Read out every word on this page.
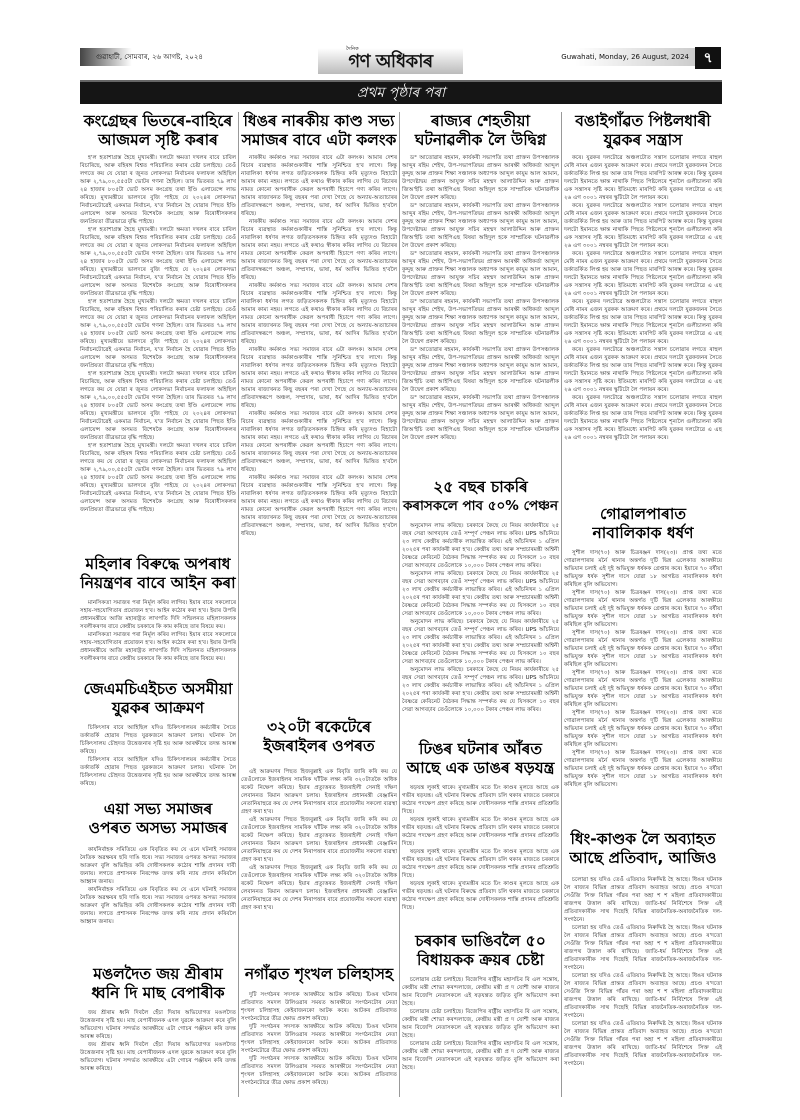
গুৱাহাটী, সোমবাৰ, ২৬ আগষ্ট, ২০২৪
দৈনিক
গণ অধিকাৰ	Guwahati, Monday, 26 August, 2024	৭
প্ৰথম পৃষ্ঠাৰ পৰা
কংগ্ৰেছৰ ভিতৰে-বাহিৰে
আজমল সৃষ্টি কৰাৰ

হ'ল হতাশাগ্ৰস্ত হৈছে মুখ্যমন্ত্ৰী। দলটো ক্ষমতা দখলৰ বাবে চাবিল বিচাৰিছে, আৰু বহিৰঙ্গ বিশ্বত পৰিচালিত কৰাৰ চেষ্টা চলাইছে। তেওঁ লগতে কয় যে যোৱা ৰ জুনত লোকসভা নিৰ্বাচনৰ ফলাফল অহিছিল আৰু ২,৭৯,০০,৫৫৫টা ভোটৰ গণনা হৈছিল। তাৰ ভিতৰত ৭৯ লাখ ২৪ হাজাৰ ৮০৫টা ভোট অসম কংগ্ৰেছ তথা ইণ্ডি এলায়েন্সে লাভ কৰিছে। মুখ্যমন্ত্ৰীয়ে ভালদৰে বুজি পাইছে যে ২০২৪ৰ লোকসভা নিৰ্বাচনটোৱেই একমাত্ৰ নিৰ্বাচন, য'ত নিৰ্বাচন হৈ যোৱাৰ পিছত ইণ্ডি এলায়েন্স আৰু অসমত বিশেষকৈ কংগ্ৰেছ আৰু বিৰোধীসকলৰ জনপ্ৰিয়তা তীব্ৰভাৱে বৃদ্ধি পাইছে।

হ'ল হতাশাগ্ৰস্ত হৈছে মুখ্যমন্ত্ৰী। দলটো ক্ষমতা দখলৰ বাবে চাবিল বিচাৰিছে, আৰু বহিৰঙ্গ বিশ্বত পৰিচালিত কৰাৰ চেষ্টা চলাইছে। তেওঁ লগতে কয় যে যোৱা ৰ জুনত লোকসভা নিৰ্বাচনৰ ফলাফল অহিছিল আৰু ২,৭৯,০০,৫৫৫টা ভোটৰ গণনা হৈছিল। তাৰ ভিতৰত ৭৯ লাখ ২৪ হাজাৰ ৮০৫টা ভোট অসম কংগ্ৰেছ তথা ইণ্ডি এলায়েন্সে লাভ কৰিছে। মুখ্যমন্ত্ৰীয়ে ভালদৰে বুজি পাইছে যে ২০২৪ৰ লোকসভা নিৰ্বাচনটোৱেই একমাত্ৰ নিৰ্বাচন, য'ত নিৰ্বাচন হৈ যোৱাৰ পিছত ইণ্ডি এলায়েন্স আৰু অসমত বিশেষকৈ কংগ্ৰেছ আৰু বিৰোধীসকলৰ জনপ্ৰিয়তা তীব্ৰভাৱে বৃদ্ধি পাইছে।

হ'ল হতাশাগ্ৰস্ত হৈছে মুখ্যমন্ত্ৰী। দলটো ক্ষমতা দখলৰ বাবে চাবিল বিচাৰিছে, আৰু বহিৰঙ্গ বিশ্বত পৰিচালিত কৰাৰ চেষ্টা চলাইছে। তেওঁ লগতে কয় যে যোৱা ৰ জুনত লোকসভা নিৰ্বাচনৰ ফলাফল অহিছিল আৰু ২,৭৯,০০,৫৫৫টা ভোটৰ গণনা হৈছিল। তাৰ ভিতৰত ৭৯ লাখ ২৪ হাজাৰ ৮০৫টা ভোট অসম কংগ্ৰেছ তথা ইণ্ডি এলায়েন্সে লাভ কৰিছে। মুখ্যমন্ত্ৰীয়ে ভালদৰে বুজি পাইছে যে ২০২৪ৰ লোকসভা নিৰ্বাচনটোৱেই একমাত্ৰ নিৰ্বাচন, য'ত নিৰ্বাচন হৈ যোৱাৰ পিছত ইণ্ডি এলায়েন্স আৰু অসমত বিশেষকৈ কংগ্ৰেছ আৰু বিৰোধীসকলৰ জনপ্ৰিয়তা তীব্ৰভাৱে বৃদ্ধি পাইছে।

হ'ল হতাশাগ্ৰস্ত হৈছে মুখ্যমন্ত্ৰী। দলটো ক্ষমতা দখলৰ বাবে চাবিল বিচাৰিছে, আৰু বহিৰঙ্গ বিশ্বত পৰিচালিত কৰাৰ চেষ্টা চলাইছে। তেওঁ লগতে কয় যে যোৱা ৰ জুনত লোকসভা নিৰ্বাচনৰ ফলাফল অহিছিল আৰু ২,৭৯,০০,৫৫৫টা ভোটৰ গণনা হৈছিল। তাৰ ভিতৰত ৭৯ লাখ ২৪ হাজাৰ ৮০৫টা ভোট অসম কংগ্ৰেছ তথা ইণ্ডি এলায়েন্সে লাভ কৰিছে। মুখ্যমন্ত্ৰীয়ে ভালদৰে বুজি পাইছে যে ২০২৪ৰ লোকসভা নিৰ্বাচনটোৱেই একমাত্ৰ নিৰ্বাচন, য'ত নিৰ্বাচন হৈ যোৱাৰ পিছত ইণ্ডি এলায়েন্স আৰু অসমত বিশেষকৈ কংগ্ৰেছ আৰু বিৰোধীসকলৰ জনপ্ৰিয়তা তীব্ৰভাৱে বৃদ্ধি পাইছে।

হ'ল হতাশাগ্ৰস্ত হৈছে মুখ্যমন্ত্ৰী। দলটো ক্ষমতা দখলৰ বাবে চাবিল বিচাৰিছে, আৰু বহিৰঙ্গ বিশ্বত পৰিচালিত কৰাৰ চেষ্টা চলাইছে। তেওঁ লগতে কয় যে যোৱা ৰ জুনত লোকসভা নিৰ্বাচনৰ ফলাফল অহিছিল আৰু ২,৭৯,০০,৫৫৫টা ভোটৰ গণনা হৈছিল। তাৰ ভিতৰত ৭৯ লাখ ২৪ হাজাৰ ৮০৫টা ভোট অসম কংগ্ৰেছ তথা ইণ্ডি এলায়েন্সে লাভ কৰিছে। মুখ্যমন্ত্ৰীয়ে ভালদৰে বুজি পাইছে যে ২০২৪ৰ লোকসভা নিৰ্বাচনটোৱেই একমাত্ৰ নিৰ্বাচন, য'ত নিৰ্বাচন হৈ যোৱাৰ পিছত ইণ্ডি এলায়েন্স আৰু অসমত বিশেষকৈ কংগ্ৰেছ আৰু বিৰোধীসকলৰ জনপ্ৰিয়তা তীব্ৰভাৱে বৃদ্ধি পাইছে।

ধিঙৰ নাৰকীয় কাণ্ড সভ্য
সমাজৰ বাবে এটা কলংক

নাৰকীয় কৰ্মকাণ্ড সভ্য সমাজৰ বাবে এটা কলংক। আমাৰ দেশৰ বিচাৰ ব্যৱস্থাত কৰ্মকাণ্ডকাৰীৰ শাস্তি সুনিশ্চিত হ'ব লাগে। কিন্তু নাবালিকা ধৰ্ষণৰ লগত জড়িতসকলক চিহ্নিত কৰি মৃত্যুদণ্ড বিহাটো আমাৰ কাম্য নহয়। লগতে এই কথাও স্বীকাৰ কৰিব লাগিব যে বিচাৰৰ নামত কোনো অপৰাধীক কেৱল অপৰাধী হিচাপে গণ্য কৰিব লাগে। আমাৰ ৰাজ্যখনত কিছু বছৰৰ পৰা দেখা গৈছে যে অন্যায়-অত্যাচাৰৰ প্ৰতিবাদস্বৰূপে অঞ্চল, সম্প্ৰদায়, ভাষা, ধৰ্ম আদিৰ ভিত্তিত হ'বলৈ ধৰিছে।

নাৰকীয় কৰ্মকাণ্ড সভ্য সমাজৰ বাবে এটা কলংক। আমাৰ দেশৰ বিচাৰ ব্যৱস্থাত কৰ্মকাণ্ডকাৰীৰ শাস্তি সুনিশ্চিত হ'ব লাগে। কিন্তু নাবালিকা ধৰ্ষণৰ লগত জড়িতসকলক চিহ্নিত কৰি মৃত্যুদণ্ড বিহাটো আমাৰ কাম্য নহয়। লগতে এই কথাও স্বীকাৰ কৰিব লাগিব যে বিচাৰৰ নামত কোনো অপৰাধীক কেৱল অপৰাধী হিচাপে গণ্য কৰিব লাগে। আমাৰ ৰাজ্যখনত কিছু বছৰৰ পৰা দেখা গৈছে যে অন্যায়-অত্যাচাৰৰ প্ৰতিবাদস্বৰূপে অঞ্চল, সম্প্ৰদায়, ভাষা, ধৰ্ম আদিৰ ভিত্তিত হ'বলৈ ধৰিছে।

নাৰকীয় কৰ্মকাণ্ড সভ্য সমাজৰ বাবে এটা কলংক। আমাৰ দেশৰ বিচাৰ ব্যৱস্থাত কৰ্মকাণ্ডকাৰীৰ শাস্তি সুনিশ্চিত হ'ব লাগে। কিন্তু নাবালিকা ধৰ্ষণৰ লগত জড়িতসকলক চিহ্নিত কৰি মৃত্যুদণ্ড বিহাটো আমাৰ কাম্য নহয়। লগতে এই কথাও স্বীকাৰ কৰিব লাগিব যে বিচাৰৰ নামত কোনো অপৰাধীক কেৱল অপৰাধী হিচাপে গণ্য কৰিব লাগে। আমাৰ ৰাজ্যখনত কিছু বছৰৰ পৰা দেখা গৈছে যে অন্যায়-অত্যাচাৰৰ প্ৰতিবাদস্বৰূপে অঞ্চল, সম্প্ৰদায়, ভাষা, ধৰ্ম আদিৰ ভিত্তিত হ'বলৈ ধৰিছে।

নাৰকীয় কৰ্মকাণ্ড সভ্য সমাজৰ বাবে এটা কলংক। আমাৰ দেশৰ বিচাৰ ব্যৱস্থাত কৰ্মকাণ্ডকাৰীৰ শাস্তি সুনিশ্চিত হ'ব লাগে। কিন্তু নাবালিকা ধৰ্ষণৰ লগত জড়িতসকলক চিহ্নিত কৰি মৃত্যুদণ্ড বিহাটো আমাৰ কাম্য নহয়। লগতে এই কথাও স্বীকাৰ কৰিব লাগিব যে বিচাৰৰ নামত কোনো অপৰাধীক কেৱল অপৰাধী হিচাপে গণ্য কৰিব লাগে। আমাৰ ৰাজ্যখনত কিছু বছৰৰ পৰা দেখা গৈছে যে অন্যায়-অত্যাচাৰৰ প্ৰতিবাদস্বৰূপে অঞ্চল, সম্প্ৰদায়, ভাষা, ধৰ্ম আদিৰ ভিত্তিত হ'বলৈ ধৰিছে।

নাৰকীয় কৰ্মকাণ্ড সভ্য সমাজৰ বাবে এটা কলংক। আমাৰ দেশৰ বিচাৰ ব্যৱস্থাত কৰ্মকাণ্ডকাৰীৰ শাস্তি সুনিশ্চিত হ'ব লাগে। কিন্তু নাবালিকা ধৰ্ষণৰ লগত জড়িতসকলক চিহ্নিত কৰি মৃত্যুদণ্ড বিহাটো আমাৰ কাম্য নহয়। লগতে এই কথাও স্বীকাৰ কৰিব লাগিব যে বিচাৰৰ নামত কোনো অপৰাধীক কেৱল অপৰাধী হিচাপে গণ্য কৰিব লাগে। আমাৰ ৰাজ্যখনত কিছু বছৰৰ পৰা দেখা গৈছে যে অন্যায়-অত্যাচাৰৰ প্ৰতিবাদস্বৰূপে অঞ্চল, সম্প্ৰদায়, ভাষা, ধৰ্ম আদিৰ ভিত্তিত হ'বলৈ ধৰিছে।

নাৰকীয় কৰ্মকাণ্ড সভ্য সমাজৰ বাবে এটা কলংক। আমাৰ দেশৰ বিচাৰ ব্যৱস্থাত কৰ্মকাণ্ডকাৰীৰ শাস্তি সুনিশ্চিত হ'ব লাগে। কিন্তু নাবালিকা ধৰ্ষণৰ লগত জড়িতসকলক চিহ্নিত কৰি মৃত্যুদণ্ড বিহাটো আমাৰ কাম্য নহয়। লগতে এই কথাও স্বীকাৰ কৰিব লাগিব যে বিচাৰৰ নামত কোনো অপৰাধীক কেৱল অপৰাধী হিচাপে গণ্য কৰিব লাগে। আমাৰ ৰাজ্যখনত কিছু বছৰৰ পৰা দেখা গৈছে যে অন্যায়-অত্যাচাৰৰ প্ৰতিবাদস্বৰূপে অঞ্চল, সম্প্ৰদায়, ভাষা, ধৰ্ম আদিৰ ভিত্তিত হ'বলৈ ধৰিছে।

ৰাজ্যৰ শেহতীয়া
ঘটনাৱলীক লৈ উদ্বিগ্ন

ড° আতোৱাৰ ৰহমান, কাৰ্যকৰী সভাপতি তথা প্ৰাক্তন উপসঞ্চালক আব্দুৰ ৰহিম শেইখ, উপ-সভাপতিদ্বয় প্ৰাক্তন আৰক্ষী অধিকৰ্তা আব্দুল কুদ্দুছ আৰু প্ৰাক্তন শিক্ষা সঞ্চালক অধ্যাপক আব্দুল কায়ুম আল আমান, উপদেষ্টাদ্বয় প্ৰাক্তন আযুক্ত সচিব মহম্মদ আলাউদ্দিন আৰু প্ৰাক্তন জিঅ'ইচি তথা আইপিএছ বিষয়া অহিদুল হকে সাম্প্ৰতিক ঘটনাৱলীক লৈ উদ্বেগ প্ৰকাশ কৰিছে।

ড° আতোৱাৰ ৰহমান, কাৰ্যকৰী সভাপতি তথা প্ৰাক্তন উপসঞ্চালক আব্দুৰ ৰহিম শেইখ, উপ-সভাপতিদ্বয় প্ৰাক্তন আৰক্ষী অধিকৰ্তা আব্দুল কুদ্দুছ আৰু প্ৰাক্তন শিক্ষা সঞ্চালক অধ্যাপক আব্দুল কায়ুম আল আমান, উপদেষ্টাদ্বয় প্ৰাক্তন আযুক্ত সচিব মহম্মদ আলাউদ্দিন আৰু প্ৰাক্তন জিঅ'ইচি তথা আইপিএছ বিষয়া অহিদুল হকে সাম্প্ৰতিক ঘটনাৱলীক লৈ উদ্বেগ প্ৰকাশ কৰিছে।

ড° আতোৱাৰ ৰহমান, কাৰ্যকৰী সভাপতি তথা প্ৰাক্তন উপসঞ্চালক আব্দুৰ ৰহিম শেইখ, উপ-সভাপতিদ্বয় প্ৰাক্তন আৰক্ষী অধিকৰ্তা আব্দুল কুদ্দুছ আৰু প্ৰাক্তন শিক্ষা সঞ্চালক অধ্যাপক আব্দুল কায়ুম আল আমান, উপদেষ্টাদ্বয় প্ৰাক্তন আযুক্ত সচিব মহম্মদ আলাউদ্দিন আৰু প্ৰাক্তন জিঅ'ইচি তথা আইপিএছ বিষয়া অহিদুল হকে সাম্প্ৰতিক ঘটনাৱলীক লৈ উদ্বেগ প্ৰকাশ কৰিছে।

ড° আতোৱাৰ ৰহমান, কাৰ্যকৰী সভাপতি তথা প্ৰাক্তন উপসঞ্চালক আব্দুৰ ৰহিম শেইখ, উপ-সভাপতিদ্বয় প্ৰাক্তন আৰক্ষী অধিকৰ্তা আব্দুল কুদ্দুছ আৰু প্ৰাক্তন শিক্ষা সঞ্চালক অধ্যাপক আব্দুল কায়ুম আল আমান, উপদেষ্টাদ্বয় প্ৰাক্তন আযুক্ত সচিব মহম্মদ আলাউদ্দিন আৰু প্ৰাক্তন জিঅ'ইচি তথা আইপিএছ বিষয়া অহিদুল হকে সাম্প্ৰতিক ঘটনাৱলীক লৈ উদ্বেগ প্ৰকাশ কৰিছে।

ড° আতোৱাৰ ৰহমান, কাৰ্যকৰী সভাপতি তথা প্ৰাক্তন উপসঞ্চালক আব্দুৰ ৰহিম শেইখ, উপ-সভাপতিদ্বয় প্ৰাক্তন আৰক্ষী অধিকৰ্তা আব্দুল কুদ্দুছ আৰু প্ৰাক্তন শিক্ষা সঞ্চালক অধ্যাপক আব্দুল কায়ুম আল আমান, উপদেষ্টাদ্বয় প্ৰাক্তন আযুক্ত সচিব মহম্মদ আলাউদ্দিন আৰু প্ৰাক্তন জিঅ'ইচি তথা আইপিএছ বিষয়া অহিদুল হকে সাম্প্ৰতিক ঘটনাৱলীক লৈ উদ্বেগ প্ৰকাশ কৰিছে।

ড° আতোৱাৰ ৰহমান, কাৰ্যকৰী সভাপতি তথা প্ৰাক্তন উপসঞ্চালক আব্দুৰ ৰহিম শেইখ, উপ-সভাপতিদ্বয় প্ৰাক্তন আৰক্ষী অধিকৰ্তা আব্দুল কুদ্দুছ আৰু প্ৰাক্তন শিক্ষা সঞ্চালক অধ্যাপক আব্দুল কায়ুম আল আমান, উপদেষ্টাদ্বয় প্ৰাক্তন আযুক্ত সচিব মহম্মদ আলাউদ্দিন আৰু প্ৰাক্তন জিঅ'ইচি তথা আইপিএছ বিষয়া অহিদুল হকে সাম্প্ৰতিক ঘটনাৱলীক লৈ উদ্বেগ প্ৰকাশ কৰিছে।

বঙাইগাঁৱত পিষ্টলধাৰী
যুৱকৰ সন্ত্ৰাস

কৰে। যুৱকৰ দলটোৱে অঞ্চলটোত সন্ত্ৰাস চলোৱাৰ লগতে ৰাহুল মেধি নামৰ এজন যুৱকক আক্ৰমণ কৰে। প্ৰথমে দলটো যুৱকজনৰ সৈতে তৰ্কাতৰ্কিত লিপ্ত হয় আৰু তাৰ পিছত মাৰপিট আৰম্ভ কৰে। কিন্তু যুৱকৰ দলটো ইমানতে ক্ষান্ত নাথাকি পিছত পিষ্টলেৰে শূন্যলৈ গুলীচালনা কৰি এক সন্ত্ৰাসৰ সৃষ্টি কৰে। ইতিমধ্যে মাৰপিট কৰি যুৱকৰ দলটোৱে এ এছ ২৬ এগ ৩০০১ নম্বৰৰ স্কুটিটো লৈ পলায়ন কৰে।

কৰে। যুৱকৰ দলটোৱে অঞ্চলটোত সন্ত্ৰাস চলোৱাৰ লগতে ৰাহুল মেধি নামৰ এজন যুৱকক আক্ৰমণ কৰে। প্ৰথমে দলটো যুৱকজনৰ সৈতে তৰ্কাতৰ্কিত লিপ্ত হয় আৰু তাৰ পিছত মাৰপিট আৰম্ভ কৰে। কিন্তু যুৱকৰ দলটো ইমানতে ক্ষান্ত নাথাকি পিছত পিষ্টলেৰে শূন্যলৈ গুলীচালনা কৰি এক সন্ত্ৰাসৰ সৃষ্টি কৰে। ইতিমধ্যে মাৰপিট কৰি যুৱকৰ দলটোৱে এ এছ ২৬ এগ ৩০০১ নম্বৰৰ স্কুটিটো লৈ পলায়ন কৰে।

কৰে। যুৱকৰ দলটোৱে অঞ্চলটোত সন্ত্ৰাস চলোৱাৰ লগতে ৰাহুল মেধি নামৰ এজন যুৱকক আক্ৰমণ কৰে। প্ৰথমে দলটো যুৱকজনৰ সৈতে তৰ্কাতৰ্কিত লিপ্ত হয় আৰু তাৰ পিছত মাৰপিট আৰম্ভ কৰে। কিন্তু যুৱকৰ দলটো ইমানতে ক্ষান্ত নাথাকি পিছত পিষ্টলেৰে শূন্যলৈ গুলীচালনা কৰি এক সন্ত্ৰাসৰ সৃষ্টি কৰে। ইতিমধ্যে মাৰপিট কৰি যুৱকৰ দলটোৱে এ এছ ২৬ এগ ৩০০১ নম্বৰৰ স্কুটিটো লৈ পলায়ন কৰে।

কৰে। যুৱকৰ দলটোৱে অঞ্চলটোত সন্ত্ৰাস চলোৱাৰ লগতে ৰাহুল মেধি নামৰ এজন যুৱকক আক্ৰমণ কৰে। প্ৰথমে দলটো যুৱকজনৰ সৈতে তৰ্কাতৰ্কিত লিপ্ত হয় আৰু তাৰ পিছত মাৰপিট আৰম্ভ কৰে। কিন্তু যুৱকৰ দলটো ইমানতে ক্ষান্ত নাথাকি পিছত পিষ্টলেৰে শূন্যলৈ গুলীচালনা কৰি এক সন্ত্ৰাসৰ সৃষ্টি কৰে। ইতিমধ্যে মাৰপিট কৰি যুৱকৰ দলটোৱে এ এছ ২৬ এগ ৩০০১ নম্বৰৰ স্কুটিটো লৈ পলায়ন কৰে।

কৰে। যুৱকৰ দলটোৱে অঞ্চলটোত সন্ত্ৰাস চলোৱাৰ লগতে ৰাহুল মেধি নামৰ এজন যুৱকক আক্ৰমণ কৰে। প্ৰথমে দলটো যুৱকজনৰ সৈতে তৰ্কাতৰ্কিত লিপ্ত হয় আৰু তাৰ পিছত মাৰপিট আৰম্ভ কৰে। কিন্তু যুৱকৰ দলটো ইমানতে ক্ষান্ত নাথাকি পিছত পিষ্টলেৰে শূন্যলৈ গুলীচালনা কৰি এক সন্ত্ৰাসৰ সৃষ্টি কৰে। ইতিমধ্যে মাৰপিট কৰি যুৱকৰ দলটোৱে এ এছ ২৬ এগ ৩০০১ নম্বৰৰ স্কুটিটো লৈ পলায়ন কৰে।

কৰে। যুৱকৰ দলটোৱে অঞ্চলটোত সন্ত্ৰাস চলোৱাৰ লগতে ৰাহুল মেধি নামৰ এজন যুৱকক আক্ৰমণ কৰে। প্ৰথমে দলটো যুৱকজনৰ সৈতে তৰ্কাতৰ্কিত লিপ্ত হয় আৰু তাৰ পিছত মাৰপিট আৰম্ভ কৰে। কিন্তু যুৱকৰ দলটো ইমানতে ক্ষান্ত নাথাকি পিছত পিষ্টলেৰে শূন্যলৈ গুলীচালনা কৰি এক সন্ত্ৰাসৰ সৃষ্টি কৰে। ইতিমধ্যে মাৰপিট কৰি যুৱকৰ দলটোৱে এ এছ ২৬ এগ ৩০০১ নম্বৰৰ স্কুটিটো লৈ পলায়ন কৰে।

২৫ বছৰ চাকৰি
কৰাসকলে পাব ৫০% পেঞ্চন

অনুমোদন লাভ কৰিছে। চৰকাৰে কৈছে যে নিয়ম কাৰ্যকাৰীয়ে ২৫ বছৰ সেৱা আগবঢ়াৰ তেওঁ সম্পূৰ্ণ পেঞ্চন লাভ কৰিব। UPS আঁচনিয়ে ২৩ লাখ কেন্দ্ৰীয় কৰ্মচাৰীক লাভান্বিত কৰিব। এই আঁচনিখন ১ এপ্ৰিল ২০২৫ৰ পৰা কাৰ্যকৰী কৰা হ'ব। কেন্দ্ৰীয় তথ্য আৰু সম্প্ৰচাৰমন্ত্ৰী অশ্বিনী বৈষ্ণৱে কেবিনেট বৈঠকৰ সিদ্ধান্ত সম্পৰ্কত কয় যে যিসকলে ১০ বছৰ সেৱা আগবঢ়াব তেওঁলোকে ১০,০০০ টকাৰ পেঞ্চন লাভ কৰিব।

অনুমোদন লাভ কৰিছে। চৰকাৰে কৈছে যে নিয়ম কাৰ্যকাৰীয়ে ২৫ বছৰ সেৱা আগবঢ়াৰ তেওঁ সম্পূৰ্ণ পেঞ্চন লাভ কৰিব। UPS আঁচনিয়ে ২৩ লাখ কেন্দ্ৰীয় কৰ্মচাৰীক লাভান্বিত কৰিব। এই আঁচনিখন ১ এপ্ৰিল ২০২৫ৰ পৰা কাৰ্যকৰী কৰা হ'ব। কেন্দ্ৰীয় তথ্য আৰু সম্প্ৰচাৰমন্ত্ৰী অশ্বিনী বৈষ্ণৱে কেবিনেট বৈঠকৰ সিদ্ধান্ত সম্পৰ্কত কয় যে যিসকলে ১০ বছৰ সেৱা আগবঢ়াব তেওঁলোকে ১০,০০০ টকাৰ পেঞ্চন লাভ কৰিব।

অনুমোদন লাভ কৰিছে। চৰকাৰে কৈছে যে নিয়ম কাৰ্যকাৰীয়ে ২৫ বছৰ সেৱা আগবঢ়াৰ তেওঁ সম্পূৰ্ণ পেঞ্চন লাভ কৰিব। UPS আঁচনিয়ে ২৩ লাখ কেন্দ্ৰীয় কৰ্মচাৰীক লাভান্বিত কৰিব। এই আঁচনিখন ১ এপ্ৰিল ২০২৫ৰ পৰা কাৰ্যকৰী কৰা হ'ব। কেন্দ্ৰীয় তথ্য আৰু সম্প্ৰচাৰমন্ত্ৰী অশ্বিনী বৈষ্ণৱে কেবিনেট বৈঠকৰ সিদ্ধান্ত সম্পৰ্কত কয় যে যিসকলে ১০ বছৰ সেৱা আগবঢ়াব তেওঁলোকে ১০,০০০ টকাৰ পেঞ্চন লাভ কৰিব।

অনুমোদন লাভ কৰিছে। চৰকাৰে কৈছে যে নিয়ম কাৰ্যকাৰীয়ে ২৫ বছৰ সেৱা আগবঢ়াৰ তেওঁ সম্পূৰ্ণ পেঞ্চন লাভ কৰিব। UPS আঁচনিয়ে ২৩ লাখ কেন্দ্ৰীয় কৰ্মচাৰীক লাভান্বিত কৰিব। এই আঁচনিখন ১ এপ্ৰিল ২০২৫ৰ পৰা কাৰ্যকৰী কৰা হ'ব। কেন্দ্ৰীয় তথ্য আৰু সম্প্ৰচাৰমন্ত্ৰী অশ্বিনী বৈষ্ণৱে কেবিনেট বৈঠকৰ সিদ্ধান্ত সম্পৰ্কত কয় যে যিসকলে ১০ বছৰ সেৱা আগবঢ়াব তেওঁলোকে ১০,০০০ টকাৰ পেঞ্চন লাভ কৰিব।

গোৱালপাৰাত
নাবালিকাক ধৰ্ষণ

সুশীল দাস(৭০) আৰু চিত্ৰৰঞ্জন দাস(২৩)। প্ৰাপ্ত তথ্য মতে গোৱালপাৰাৰ মৰ্নৈ থানাৰ অন্তৰ্গত দুটি ভিন্ন এলেকাত আৰক্ষীয়ে অভিযান চলাই এই দুই অভিযুক্ত ধৰ্ষকক গ্ৰেপ্তাৰ কৰে। ইয়াৰে ৭০ বৰ্ষীয়া অভিযুক্ত ধৰ্ষক সুশীল দাসে যোৱা ১৮ আগষ্টত নাবালিকাক ধৰ্ষণ কৰিছিল বুলি অভিযোগ।

সুশীল দাস(৭০) আৰু চিত্ৰৰঞ্জন দাস(২৩)। প্ৰাপ্ত তথ্য মতে গোৱালপাৰাৰ মৰ্নৈ থানাৰ অন্তৰ্গত দুটি ভিন্ন এলেকাত আৰক্ষীয়ে অভিযান চলাই এই দুই অভিযুক্ত ধৰ্ষকক গ্ৰেপ্তাৰ কৰে। ইয়াৰে ৭০ বৰ্ষীয়া অভিযুক্ত ধৰ্ষক সুশীল দাসে যোৱা ১৮ আগষ্টত নাবালিকাক ধৰ্ষণ কৰিছিল বুলি অভিযোগ।

সুশীল দাস(৭০) আৰু চিত্ৰৰঞ্জন দাস(২৩)। প্ৰাপ্ত তথ্য মতে গোৱালপাৰাৰ মৰ্নৈ থানাৰ অন্তৰ্গত দুটি ভিন্ন এলেকাত আৰক্ষীয়ে অভিযান চলাই এই দুই অভিযুক্ত ধৰ্ষকক গ্ৰেপ্তাৰ কৰে। ইয়াৰে ৭০ বৰ্ষীয়া অভিযুক্ত ধৰ্ষক সুশীল দাসে যোৱা ১৮ আগষ্টত নাবালিকাক ধৰ্ষণ কৰিছিল বুলি অভিযোগ।

সুশীল দাস(৭০) আৰু চিত্ৰৰঞ্জন দাস(২৩)। প্ৰাপ্ত তথ্য মতে গোৱালপাৰাৰ মৰ্নৈ থানাৰ অন্তৰ্গত দুটি ভিন্ন এলেকাত আৰক্ষীয়ে অভিযান চলাই এই দুই অভিযুক্ত ধৰ্ষকক গ্ৰেপ্তাৰ কৰে। ইয়াৰে ৭০ বৰ্ষীয়া অভিযুক্ত ধৰ্ষক সুশীল দাসে যোৱা ১৮ আগষ্টত নাবালিকাক ধৰ্ষণ কৰিছিল বুলি অভিযোগ।

সুশীল দাস(৭০) আৰু চিত্ৰৰঞ্জন দাস(২৩)। প্ৰাপ্ত তথ্য মতে গোৱালপাৰাৰ মৰ্নৈ থানাৰ অন্তৰ্গত দুটি ভিন্ন এলেকাত আৰক্ষীয়ে অভিযান চলাই এই দুই অভিযুক্ত ধৰ্ষকক গ্ৰেপ্তাৰ কৰে। ইয়াৰে ৭০ বৰ্ষীয়া অভিযুক্ত ধৰ্ষক সুশীল দাসে যোৱা ১৮ আগষ্টত নাবালিকাক ধৰ্ষণ কৰিছিল বুলি অভিযোগ।

সুশীল দাস(৭০) আৰু চিত্ৰৰঞ্জন দাস(২৩)। প্ৰাপ্ত তথ্য মতে গোৱালপাৰাৰ মৰ্নৈ থানাৰ অন্তৰ্গত দুটি ভিন্ন এলেকাত আৰক্ষীয়ে অভিযান চলাই এই দুই অভিযুক্ত ধৰ্ষকক গ্ৰেপ্তাৰ কৰে। ইয়াৰে ৭০ বৰ্ষীয়া অভিযুক্ত ধৰ্ষক সুশীল দাসে যোৱা ১৮ আগষ্টত নাবালিকাক ধৰ্ষণ কৰিছিল বুলি অভিযোগ।

মহিলাৰ বিৰুদ্ধে অপৰাধ
নিয়ন্ত্ৰণৰ বাবে আইন কৰা

মানসিকতা সমাজৰ পৰা নিৰ্মূল কৰিব লাগিব। ইয়াৰ বাবে সকলোৰে সহায়-সহযোগিতাৰ প্ৰয়োজন হ'ব। আইন কঠোৰ কৰা হ'ব। ইয়াৰ উপৰি প্ৰধানমন্ত্ৰীয়ে আজি মহাৰাষ্ট্ৰত লাখপতি দিদি সন্মিলনত মহিলাসকলক সবলীকৰণৰ বাবে কেন্দ্ৰীয় চৰকাৰে কি কাম কৰিছে তাৰ বিষয়ে কয়।

মানসিকতা সমাজৰ পৰা নিৰ্মূল কৰিব লাগিব। ইয়াৰ বাবে সকলোৰে সহায়-সহযোগিতাৰ প্ৰয়োজন হ'ব। আইন কঠোৰ কৰা হ'ব। ইয়াৰ উপৰি প্ৰধানমন্ত্ৰীয়ে আজি মহাৰাষ্ট্ৰত লাখপতি দিদি সন্মিলনত মহিলাসকলক সবলীকৰণৰ বাবে কেন্দ্ৰীয় চৰকাৰে কি কাম কৰিছে তাৰ বিষয়ে কয়।

জেএমচিএইচত অসমীয়া
যুৱকৰ আক্ৰমণ

চিকিৎসাৰ বাবে আহিছিল যদিও চিকিৎসালয়ৰ কৰ্মচাৰীৰ সৈতে তৰ্কাতৰ্কি হোৱাৰ পিছত যুৱকজনে আক্ৰমণ চলায়। ঘটনাক লৈ চিকিৎসালয় চৌহদত উত্তেজনাৰ সৃষ্টি হয় আৰু আৰক্ষীয়ে তদন্ত আৰম্ভ কৰিছে।

চিকিৎসাৰ বাবে আহিছিল যদিও চিকিৎসালয়ৰ কৰ্মচাৰীৰ সৈতে তৰ্কাতৰ্কি হোৱাৰ পিছত যুৱকজনে আক্ৰমণ চলায়। ঘটনাক লৈ চিকিৎসালয় চৌহদত উত্তেজনাৰ সৃষ্টি হয় আৰু আৰক্ষীয়ে তদন্ত আৰম্ভ কৰিছে।

এয়া সভ্য সমাজৰ
ওপৰত অসভ্য সমাজৰ

কাৰ্যনিৰ্বাহক সমিতিয়ে এক বিবৃতিত কয় যে এনে ঘটনাই সমাজৰ নৈতিক অৱক্ষয়ৰ ছবি দাঙি ধৰে। সভ্য সমাজৰ ওপৰত অসভ্য সমাজৰ আক্ৰমণ বুলি অভিহিত কৰি দোষীসকলক কঠোৰ শাস্তি প্ৰদানৰ দাবী জনায়। লগতে প্ৰশাসনক নিৰপেক্ষ তদন্ত কৰি ন্যায় প্ৰদান কৰিবলৈ আহ্বান জনায়।

কাৰ্যনিৰ্বাহক সমিতিয়ে এক বিবৃতিত কয় যে এনে ঘটনাই সমাজৰ নৈতিক অৱক্ষয়ৰ ছবি দাঙি ধৰে। সভ্য সমাজৰ ওপৰত অসভ্য সমাজৰ আক্ৰমণ বুলি অভিহিত কৰি দোষীসকলক কঠোৰ শাস্তি প্ৰদানৰ দাবী জনায়। লগতে প্ৰশাসনক নিৰপেক্ষ তদন্ত কৰি ন্যায় প্ৰদান কৰিবলৈ আহ্বান জনায়।

৩২০টা ৰকেটেৰে
ইজৰাইলৰ ওপৰত

এই আক্ৰমণৰ পিছত হিজবুল্লাই এক বিবৃতি জাৰি কৰি কয় যে তেওঁলোকে ইজৰাইলৰ সামৰিক ঘাঁটিক লক্ষ্য কৰি ৩২০টাতকৈ অধিক ৰকেট নিক্ষেপ কৰিছে। ইয়াৰ প্ৰত্যুত্তৰত ইজৰাইলী সেনাই দক্ষিণ লেবাননত বিমান আক্ৰমণ চলায়। ইজৰাইলৰ প্ৰধানমন্ত্ৰী বেঞ্জামিন নেতানিয়াহুৱে কয় যে দেশৰ নিৰাপত্তাৰ বাবে প্ৰয়োজনীয় সকলো ব্যৱস্থা গ্ৰহণ কৰা হ'ব।

এই আক্ৰমণৰ পিছত হিজবুল্লাই এক বিবৃতি জাৰি কৰি কয় যে তেওঁলোকে ইজৰাইলৰ সামৰিক ঘাঁটিক লক্ষ্য কৰি ৩২০টাতকৈ অধিক ৰকেট নিক্ষেপ কৰিছে। ইয়াৰ প্ৰত্যুত্তৰত ইজৰাইলী সেনাই দক্ষিণ লেবাননত বিমান আক্ৰমণ চলায়। ইজৰাইলৰ প্ৰধানমন্ত্ৰী বেঞ্জামিন নেতানিয়াহুৱে কয় যে দেশৰ নিৰাপত্তাৰ বাবে প্ৰয়োজনীয় সকলো ব্যৱস্থা গ্ৰহণ কৰা হ'ব।

এই আক্ৰমণৰ পিছত হিজবুল্লাই এক বিবৃতি জাৰি কৰি কয় যে তেওঁলোকে ইজৰাইলৰ সামৰিক ঘাঁটিক লক্ষ্য কৰি ৩২০টাতকৈ অধিক ৰকেট নিক্ষেপ কৰিছে। ইয়াৰ প্ৰত্যুত্তৰত ইজৰাইলী সেনাই দক্ষিণ লেবাননত বিমান আক্ৰমণ চলায়। ইজৰাইলৰ প্ৰধানমন্ত্ৰী বেঞ্জামিন নেতানিয়াহুৱে কয় যে দেশৰ নিৰাপত্তাৰ বাবে প্ৰয়োজনীয় সকলো ব্যৱস্থা গ্ৰহণ কৰা হ'ব।

ঢিঙৰ ঘটনাৰ আঁৰত
আছে এক ডাঙৰ ষড়যন্ত্ৰ

ষড়যন্ত্ৰ লুকাই থাকে। মুখ্যমন্ত্ৰীৰ মতে ঢিং কাণ্ডৰ মূলতে আছে এক গভীৰ ষড়যন্ত্ৰ। এই ঘটনাৰ বিৰুদ্ধে প্ৰতিবাদ চলি থকাৰ মাজতে চৰকাৰে কঠোৰ পদক্ষেপ গ্ৰহণ কৰিছে আৰু দোষীসকলক শাস্তি প্ৰদানৰ প্ৰতিশ্ৰুতি দিছে।

ষড়যন্ত্ৰ লুকাই থাকে। মুখ্যমন্ত্ৰীৰ মতে ঢিং কাণ্ডৰ মূলতে আছে এক গভীৰ ষড়যন্ত্ৰ। এই ঘটনাৰ বিৰুদ্ধে প্ৰতিবাদ চলি থকাৰ মাজতে চৰকাৰে কঠোৰ পদক্ষেপ গ্ৰহণ কৰিছে আৰু দোষীসকলক শাস্তি প্ৰদানৰ প্ৰতিশ্ৰুতি দিছে।

ষড়যন্ত্ৰ লুকাই থাকে। মুখ্যমন্ত্ৰীৰ মতে ঢিং কাণ্ডৰ মূলতে আছে এক গভীৰ ষড়যন্ত্ৰ। এই ঘটনাৰ বিৰুদ্ধে প্ৰতিবাদ চলি থকাৰ মাজতে চৰকাৰে কঠোৰ পদক্ষেপ গ্ৰহণ কৰিছে আৰু দোষীসকলক শাস্তি প্ৰদানৰ প্ৰতিশ্ৰুতি দিছে।

ষড়যন্ত্ৰ লুকাই থাকে। মুখ্যমন্ত্ৰীৰ মতে ঢিং কাণ্ডৰ মূলতে আছে এক গভীৰ ষড়যন্ত্ৰ। এই ঘটনাৰ বিৰুদ্ধে প্ৰতিবাদ চলি থকাৰ মাজতে চৰকাৰে কঠোৰ পদক্ষেপ গ্ৰহণ কৰিছে আৰু দোষীসকলক শাস্তি প্ৰদানৰ প্ৰতিশ্ৰুতি দিছে।

ধিং-কাণ্ডক লৈ অব্যাহত
আছে প্ৰতিবাদ, আজিও

চলোৱা হয় যদিও তেওঁ এতিয়াও নিৰুদ্দিষ্ট হৈ আছে। ধিঙৰ ঘটনাক লৈ ৰাজ্যৰ বিভিন্ন প্ৰান্তত প্ৰতিবাদ অব্যাহত আছে। প্ৰচণ্ড ৰ'দতো সেওঁজি সিক্ত বিভিন্ন গাঁৱৰ পৰা অহা শ শ মহিলা প্ৰতিবাদকাৰীয়ে ৰাজপথ উত্তাল কৰি ৰাখিছে। জাতি-ধৰ্ম নিৰ্বিশেষে সিক্ত এই প্ৰতিবাদকাৰীক সাথ দিছেহি বিভিন্ন ৰাজনৈতিক-অৰাজনৈতিক দল-সংগঠনে।

চলোৱা হয় যদিও তেওঁ এতিয়াও নিৰুদ্দিষ্ট হৈ আছে। ধিঙৰ ঘটনাক লৈ ৰাজ্যৰ বিভিন্ন প্ৰান্তত প্ৰতিবাদ অব্যাহত আছে। প্ৰচণ্ড ৰ'দতো সেওঁজি সিক্ত বিভিন্ন গাঁৱৰ পৰা অহা শ শ মহিলা প্ৰতিবাদকাৰীয়ে ৰাজপথ উত্তাল কৰি ৰাখিছে। জাতি-ধৰ্ম নিৰ্বিশেষে সিক্ত এই প্ৰতিবাদকাৰীক সাথ দিছেহি বিভিন্ন ৰাজনৈতিক-অৰাজনৈতিক দল-সংগঠনে।

চলোৱা হয় যদিও তেওঁ এতিয়াও নিৰুদ্দিষ্ট হৈ আছে। ধিঙৰ ঘটনাক লৈ ৰাজ্যৰ বিভিন্ন প্ৰান্তত প্ৰতিবাদ অব্যাহত আছে। প্ৰচণ্ড ৰ'দতো সেওঁজি সিক্ত বিভিন্ন গাঁৱৰ পৰা অহা শ শ মহিলা প্ৰতিবাদকাৰীয়ে ৰাজপথ উত্তাল কৰি ৰাখিছে। জাতি-ধৰ্ম নিৰ্বিশেষে সিক্ত এই প্ৰতিবাদকাৰীক সাথ দিছেহি বিভিন্ন ৰাজনৈতিক-অৰাজনৈতিক দল-সংগঠনে।

চলোৱা হয় যদিও তেওঁ এতিয়াও নিৰুদ্দিষ্ট হৈ আছে। ধিঙৰ ঘটনাক লৈ ৰাজ্যৰ বিভিন্ন প্ৰান্তত প্ৰতিবাদ অব্যাহত আছে। প্ৰচণ্ড ৰ'দতো সেওঁজি সিক্ত বিভিন্ন গাঁৱৰ পৰা অহা শ শ মহিলা প্ৰতিবাদকাৰীয়ে ৰাজপথ উত্তাল কৰি ৰাখিছে। জাতি-ধৰ্ম নিৰ্বিশেষে সিক্ত এই প্ৰতিবাদকাৰীক সাথ দিছেহি বিভিন্ন ৰাজনৈতিক-অৰাজনৈতিক দল-সংগঠনে।

চৰকাৰ ভাঙিবলৈ ৫০
বিধায়কক ক্ৰয়ৰ চেষ্টা

চলোৱাৰ চেষ্টা চলাইছে। বিজেপিৰ ৰাষ্ট্ৰীয় মহাসচিব বি এল সন্তোষ, কেন্দ্ৰীয় মন্ত্ৰী শোভা কৰন্দলাজে, কেন্দ্ৰীয় মন্ত্ৰী প্ৰ দ যোশী আৰু ৰাজ্যৰ আন বিজেপি নেতাসকলে এই ষড়যন্ত্ৰত জড়িত বুলি অভিযোগ কৰা হৈছে।

চলোৱাৰ চেষ্টা চলাইছে। বিজেপিৰ ৰাষ্ট্ৰীয় মহাসচিব বি এল সন্তোষ, কেন্দ্ৰীয় মন্ত্ৰী শোভা কৰন্দলাজে, কেন্দ্ৰীয় মন্ত্ৰী প্ৰ দ যোশী আৰু ৰাজ্যৰ আন বিজেপি নেতাসকলে এই ষড়যন্ত্ৰত জড়িত বুলি অভিযোগ কৰা হৈছে।

চলোৱাৰ চেষ্টা চলাইছে। বিজেপিৰ ৰাষ্ট্ৰীয় মহাসচিব বি এল সন্তোষ, কেন্দ্ৰীয় মন্ত্ৰী শোভা কৰন্দলাজে, কেন্দ্ৰীয় মন্ত্ৰী প্ৰ দ যোশী আৰু ৰাজ্যৰ আন বিজেপি নেতাসকলে এই ষড়যন্ত্ৰত জড়িত বুলি অভিযোগ কৰা হৈছে।

মঙলদৈত জয় শ্ৰীৰাম
ধ্বনি দি মাছ বেপাৰীক

জয় শ্ৰীৰাম ধ্বনি দিবলৈ হেঁচা দিয়াৰ অভিযোগত মঙলদৈত উত্তেজনাৰ সৃষ্টি হয়। মাছ বেপাৰীজনক এদল যুৱকে আক্ৰমণ কৰে বুলি অভিযোগ। ঘটনাৰ সন্দৰ্ভত আৰক্ষীয়ে এটা গোচৰ পঞ্জীয়ন কৰি তদন্ত আৰম্ভ কৰিছে।

জয় শ্ৰীৰাম ধ্বনি দিবলৈ হেঁচা দিয়াৰ অভিযোগত মঙলদৈত উত্তেজনাৰ সৃষ্টি হয়। মাছ বেপাৰীজনক এদল যুৱকে আক্ৰমণ কৰে বুলি অভিযোগ। ঘটনাৰ সন্দৰ্ভত আৰক্ষীয়ে এটা গোচৰ পঞ্জীয়ন কৰি তদন্ত আৰম্ভ কৰিছে।

নগাঁৱত শৃংখল চলিহাসহ

দুটি সংগঠনৰ সদস্যক আৰক্ষীয়ে আটক কৰিছে। ঢিঙৰ ঘটনাৰ প্ৰতিবাদত সমদল উলিওৱাৰ সময়ত আৰক্ষীয়ে সংগঠনটোৰ নেতা শৃংখল চলিহাসহ কেইবাজনকো আটক কৰে। আটকৰ প্ৰতিবাদত সংগঠনটোৱে তীব্ৰ ক্ষোভ প্ৰকাশ কৰিছে।

দুটি সংগঠনৰ সদস্যক আৰক্ষীয়ে আটক কৰিছে। ঢিঙৰ ঘটনাৰ প্ৰতিবাদত সমদল উলিওৱাৰ সময়ত আৰক্ষীয়ে সংগঠনটোৰ নেতা শৃংখল চলিহাসহ কেইবাজনকো আটক কৰে। আটকৰ প্ৰতিবাদত সংগঠনটোৱে তীব্ৰ ক্ষোভ প্ৰকাশ কৰিছে।

দুটি সংগঠনৰ সদস্যক আৰক্ষীয়ে আটক কৰিছে। ঢিঙৰ ঘটনাৰ প্ৰতিবাদত সমদল উলিওৱাৰ সময়ত আৰক্ষীয়ে সংগঠনটোৰ নেতা শৃংখল চলিহাসহ কেইবাজনকো আটক কৰে। আটকৰ প্ৰতিবাদত সংগঠনটোৱে তীব্ৰ ক্ষোভ প্ৰকাশ কৰিছে।
